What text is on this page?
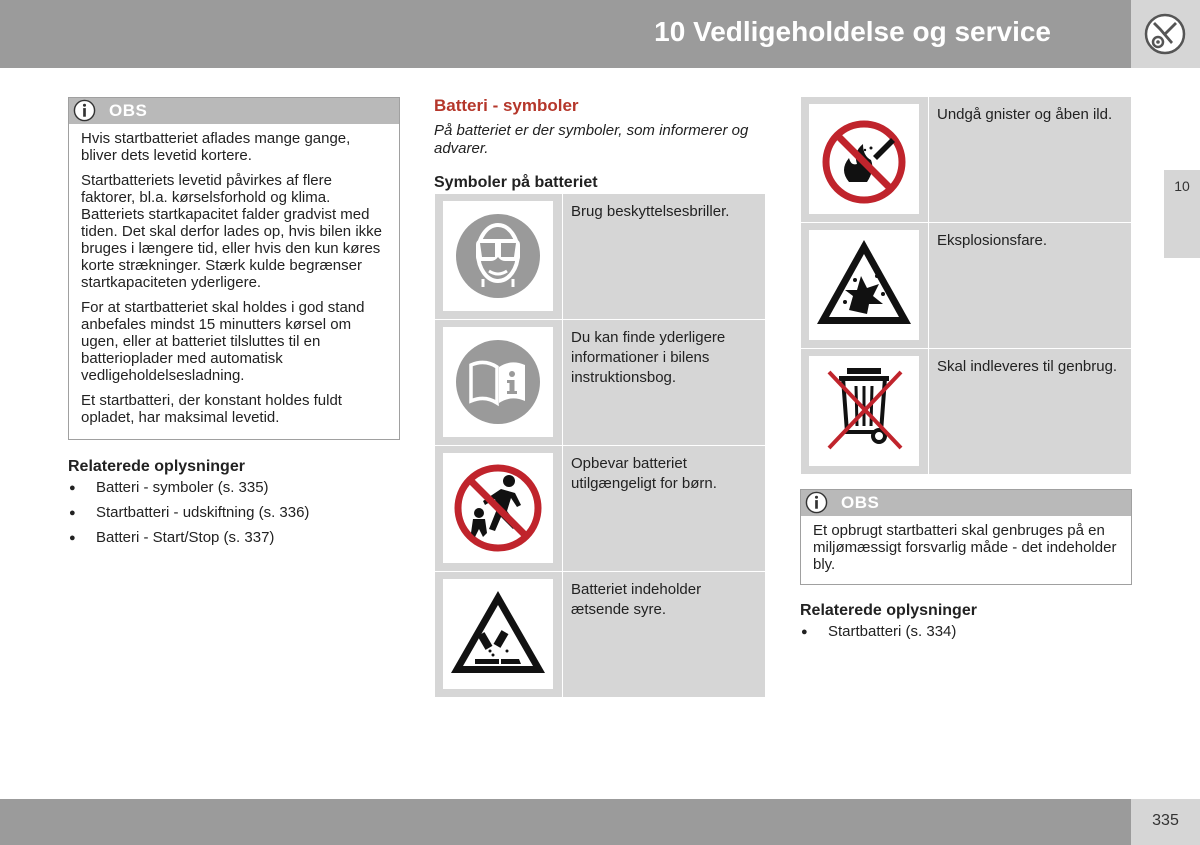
10 Vedligeholdelse og service
10
OBS

Hvis startbatteriet aflades mange gange, bliver dets levetid kortere.

Startbatteriets levetid påvirkes af flere faktorer, bl.a. kørselsforhold og klima. Batteriets startkapacitet falder gradvist med tiden. Det skal derfor lades op, hvis bilen ikke bruges i længere tid, eller hvis den kun køres korte strækninger. Stærk kulde begrænser startkapaciteten yderligere.

For at startbatteriet skal holdes i god stand anbefales mindst 15 minutters kørsel om ugen, eller at batteriet tilsluttes til en batterioplader med automatisk vedligeholdelsesladning.

Et startbatteri, der konstant holdes fuldt opladet, har maksimal levetid.

Relaterede oplysninger
● Batteri - symboler (s. 335)
● Startbatteri - udskiftning (s. 336)
● Batteri - Start/Stop (s. 337)
Batteri - symboler
På batteriet er der symboler, som informerer og advarer.
Symboler på batteriet
Brug beskyttelsesbriller.
Du kan finde yderligere informationer i bilens instruktionsbog.
Opbevar batteriet utilgængeligt for børn.
Batteriet indeholder ætsende syre.
Undgå gnister og åben ild.
Eksplosionsfare.
Skal indleveres til genbrug.
OBS

Et opbrugt startbatteri skal genbruges på en miljømæssigt forsvarlig måde - det indeholder bly.

Relaterede oplysninger
● Startbatteri (s. 334)
335
